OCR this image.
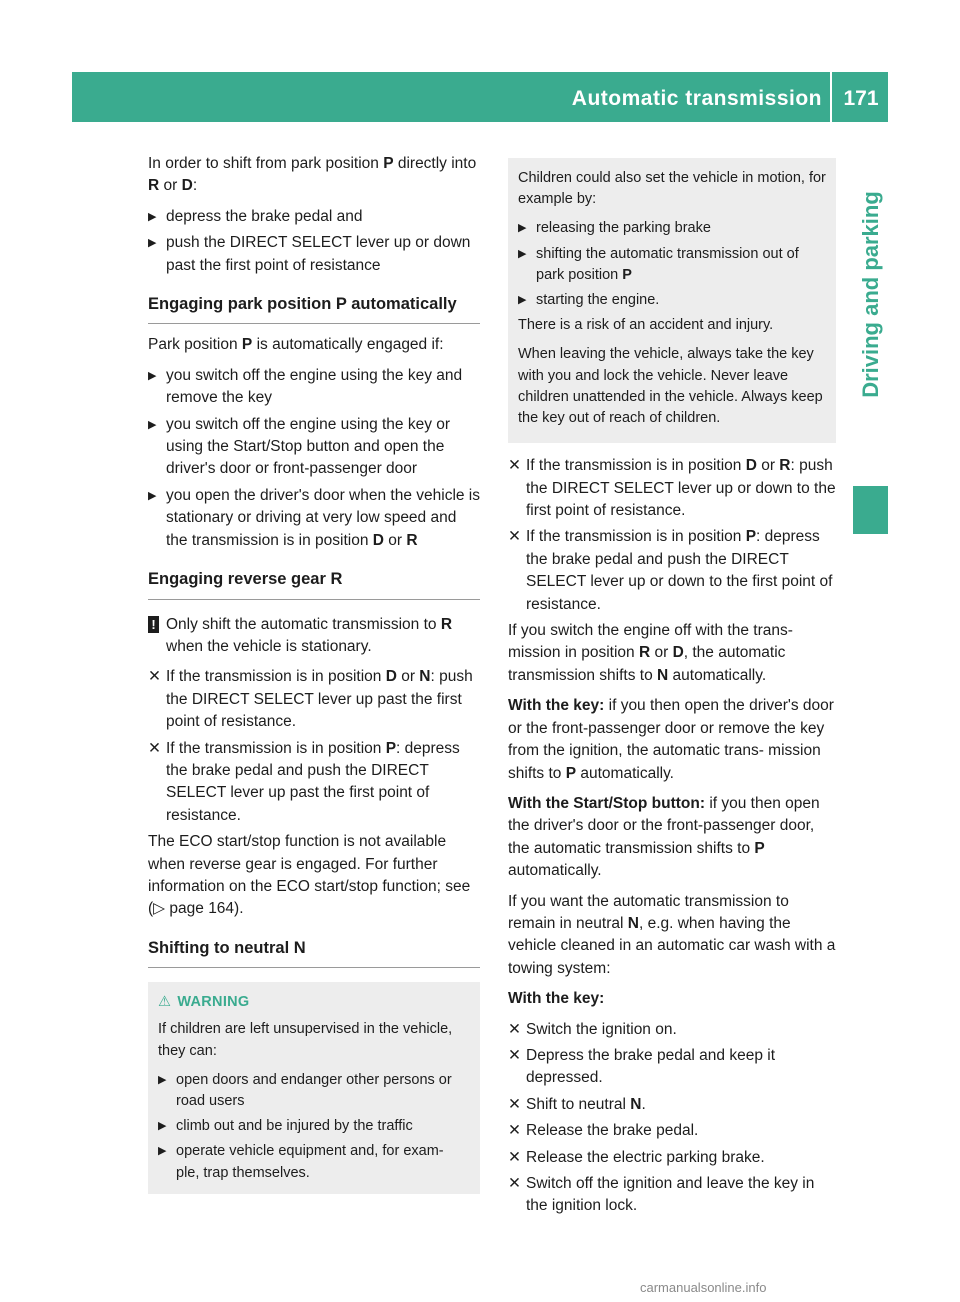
Automatic transmission 171
Driving and parking

In order to shift from park position P directly into R or D:

▶ depress the brake pedal and
▶ push the DIRECT SELECT lever up or down past the first point of resistance
Engaging park position P automatically

Park position P is automatically engaged if:

▶ you switch off the engine using the key and remove the key
▶ you switch off the engine using the key or using the Start/Stop button and open the driver's door or front-passenger door
▶ you open the driver's door when the vehicle is stationary or driving at very low speed and the transmission is in position D or R
Engaging reverse gear R
! Only shift the automatic transmission to R when the vehicle is stationary.
✕ If the transmission is in position D or N: push the DIRECT SELECT lever up past the first point of resistance.
✕ If the transmission is in position P: depress the brake pedal and push the DIRECT SELECT lever up past the first point of resistance.

The ECO start/stop function is not available when reverse gear is engaged. For further information on the ECO start/stop function; see (▷ page 164).

Shifting to neutral N
⚠ WARNING

If children are left unsupervised in the vehicle, they can:

▶ open doors and endanger other persons or road users
▶ climb out and be injured by the traffic
▶ operate vehicle equipment and, for exam- ple, trap themselves.

Children could also set the vehicle in motion, for example by:

▶ releasing the parking brake
▶ shifting the automatic transmission out of park position P
▶ starting the engine.

There is a risk of an accident and injury.

When leaving the vehicle, always take the key with you and lock the vehicle. Never leave children unattended in the vehicle. Always keep the key out of reach of children.

✕ If the transmission is in position D or R: push the DIRECT SELECT lever up or down to the first point of resistance.
✕ If the transmission is in position P: depress the brake pedal and push the DIRECT SELECT lever up or down to the first point of resistance.

If you switch the engine off with the trans- mission in position R or D, the automatic transmission shifts to N automatically.

With the key: if you then open the driver's door or the front-passenger door or remove the key from the ignition, the automatic trans- mission shifts to P automatically.

With the Start/Stop button: if you then open the driver's door or the front-passenger door, the automatic transmission shifts to P automatically.

If you want the automatic transmission to remain in neutral N, e.g. when having the vehicle cleaned in an automatic car wash with a towing system:

With the key:

✕ Switch the ignition on.
✕ Depress the brake pedal and keep it depressed.
✕ Shift to neutral N.
✕ Release the brake pedal.
✕ Release the electric parking brake.
✕ Switch off the ignition and leave the key in the ignition lock.
carmanualsonline.info
